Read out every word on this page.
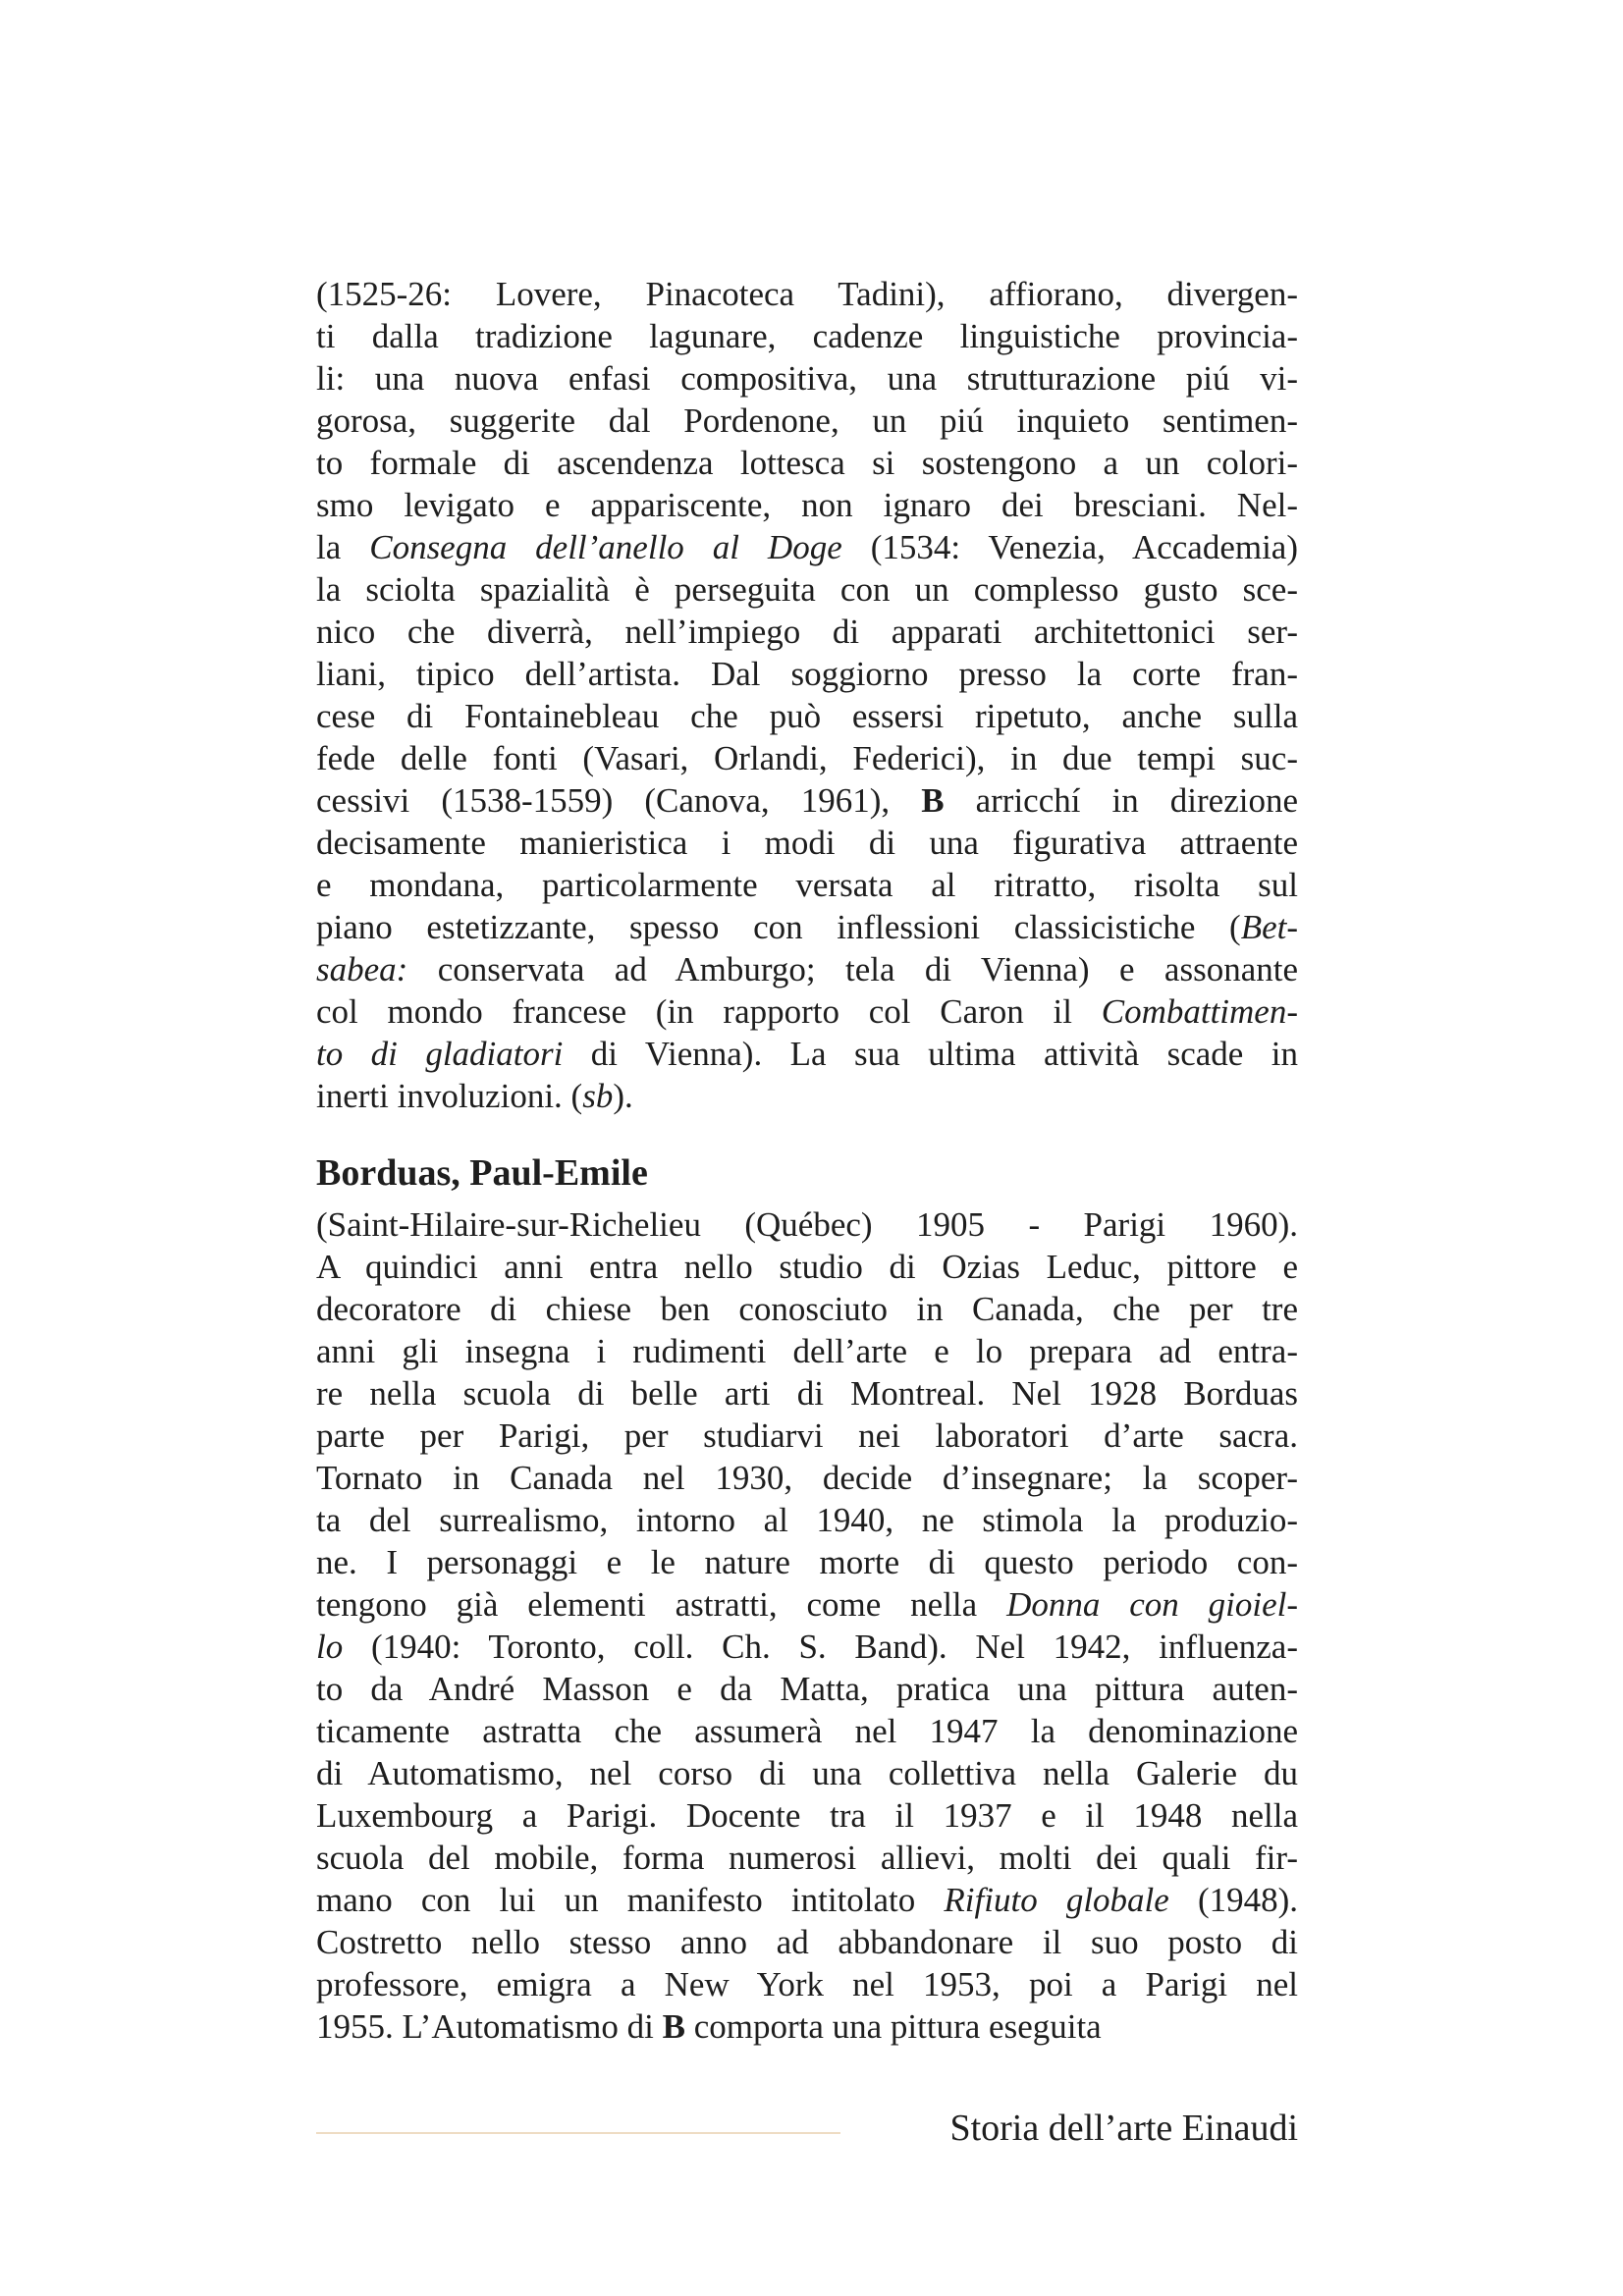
(1525-26: Lovere, Pinacoteca Tadini), affiorano, divergen-
ti dalla tradizione lagunare, cadenze linguistiche provincia-
li: una nuova enfasi compositiva, una strutturazione piú vi-
gorosa, suggerite dal Pordenone, un piú inquieto sentimen-
to formale di ascendenza lottesca si sostengono a un colori-
smo levigato e appariscente, non ignaro dei bresciani. Nel-
la Consegna dell’anello al Doge (1534: Venezia, Accademia)
la sciolta spazialità è perseguita con un complesso gusto sce-
nico che diverrà, nell’impiego di apparati architettonici ser-
liani, tipico dell’artista. Dal soggiorno presso la corte fran-
cese di Fontainebleau che può essersi ripetuto, anche sulla
fede delle fonti (Vasari, Orlandi, Federici), in due tempi suc-
cessivi (1538-1559) (Canova, 1961), B arricchí in direzione
decisamente manieristica i modi di una figurativa attraente
e mondana, particolarmente versata al ritratto, risolta sul
piano estetizzante, spesso con inflessioni classicistiche (Bet-
sabea: conservata ad Amburgo; tela di Vienna) e assonante
col mondo francese (in rapporto col Caron il Combattimen-
to di gladiatori di Vienna). La sua ultima attività scade in
inerti involuzioni. (sb).

Borduas, Paul-Emile

(Saint-Hilaire-sur-Richelieu (Québec) 1905 - Parigi 1960).
A quindici anni entra nello studio di Ozias Leduc, pittore e
decoratore di chiese ben conosciuto in Canada, che per tre
anni gli insegna i rudimenti dell’arte e lo prepara ad entra-
re nella scuola di belle arti di Montreal. Nel 1928 Borduas
parte per Parigi, per studiarvi nei laboratori d’arte sacra.
Tornato in Canada nel 1930, decide d’insegnare; la scoper-
ta del surrealismo, intorno al 1940, ne stimola la produzio-
ne. I personaggi e le nature morte di questo periodo con-
tengono già elementi astratti, come nella Donna con gioiel-
lo (1940: Toronto, coll. Ch. S. Band). Nel 1942, influenza-
to da André Masson e da Matta, pratica una pittura auten-
ticamente astratta che assumerà nel 1947 la denominazione
di Automatismo, nel corso di una collettiva nella Galerie du
Luxembourg a Parigi. Docente tra il 1937 e il 1948 nella
scuola del mobile, forma numerosi allievi, molti dei quali fir-
mano con lui un manifesto intitolato Rifiuto globale (1948).
Costretto nello stesso anno ad abbandonare il suo posto di
professore, emigra a New York nel 1953, poi a Parigi nel
1955. L’Automatismo di B comporta una pittura eseguita

Storia dell’arte Einaudi
